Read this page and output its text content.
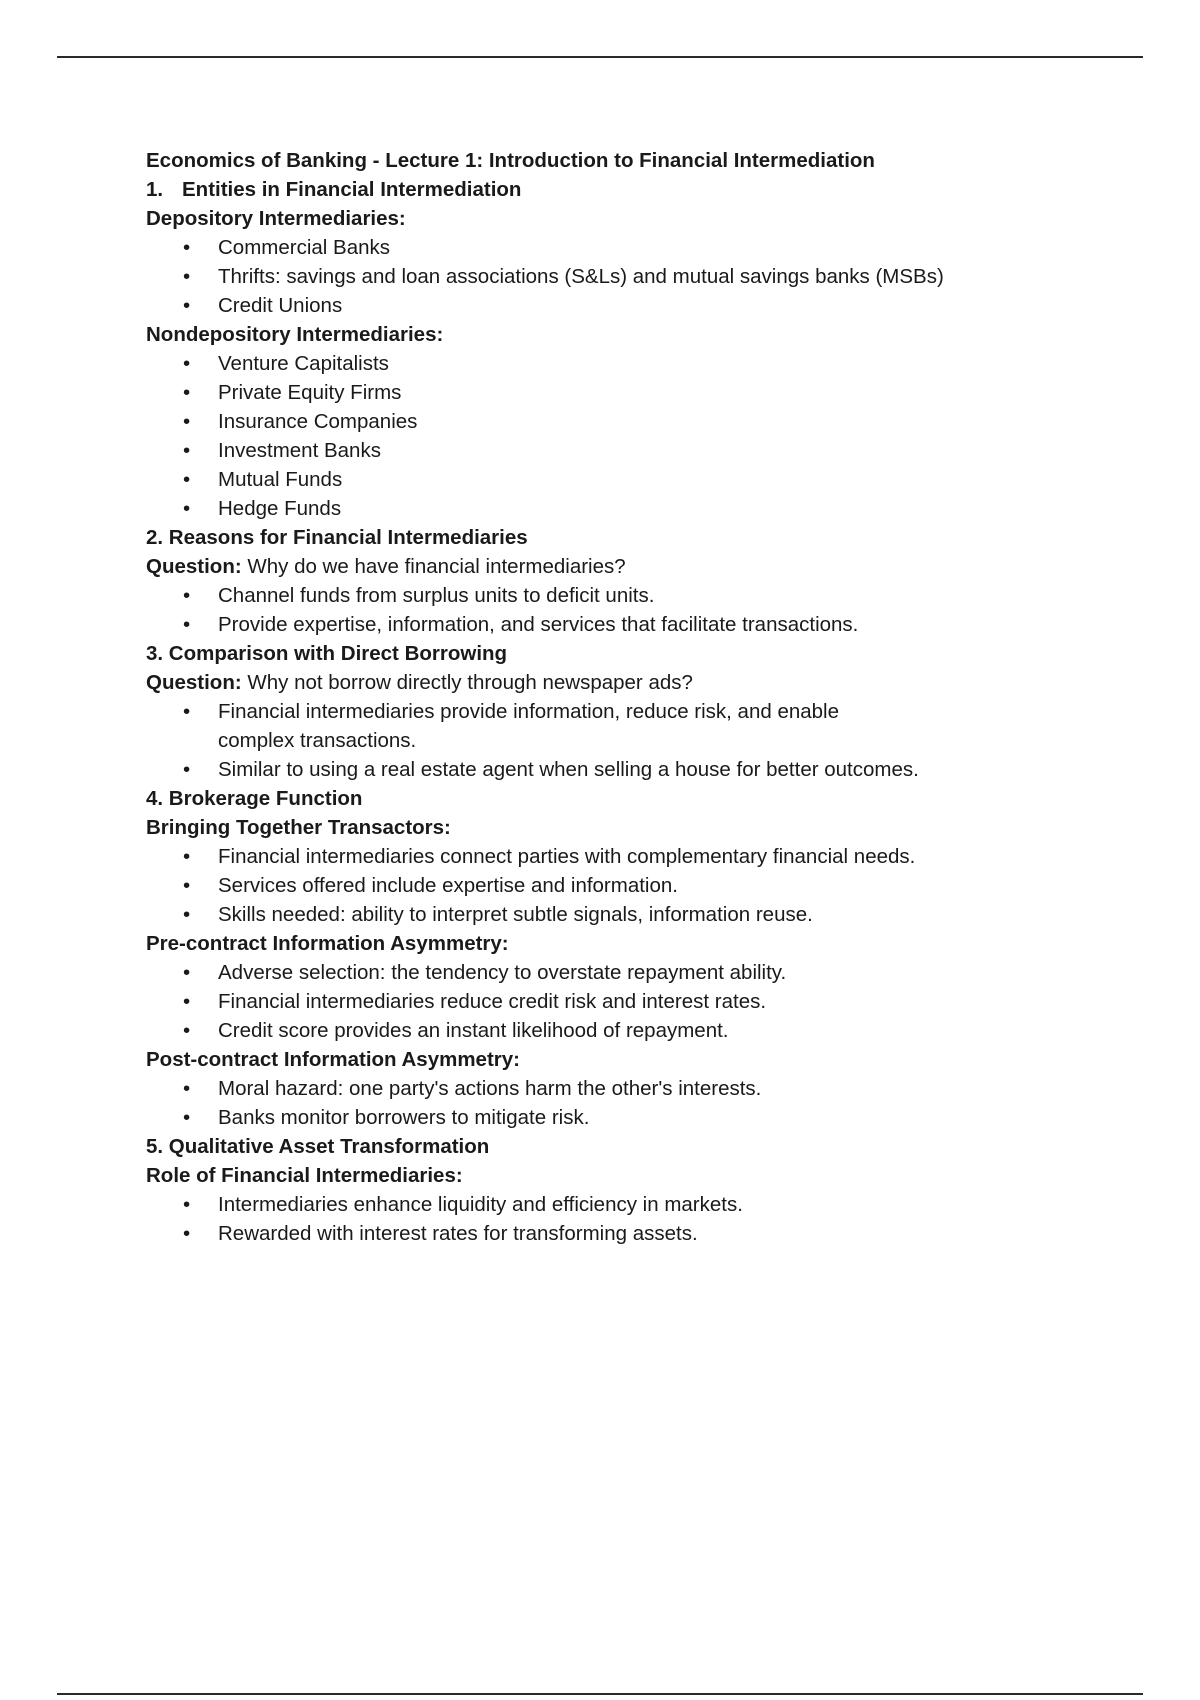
Economics of Banking - Lecture 1: Introduction to Financial Intermediation

1. Entities in Financial Intermediation

Depository Intermediaries:

• Commercial Banks
• Thrifts: savings and loan associations (S&Ls) and mutual savings banks (MSBs)
• Credit Unions

Nondepository Intermediaries:

• Venture Capitalists
• Private Equity Firms
• Insurance Companies
• Investment Banks
• Mutual Funds
• Hedge Funds

2. Reasons for Financial Intermediaries

Question: Why do we have financial intermediaries?

• Channel funds from surplus units to deficit units.
• Provide expertise, information, and services that facilitate transactions.

3. Comparison with Direct Borrowing

Question: Why not borrow directly through newspaper ads?

• Financial intermediaries provide information, reduce risk, and enable complex transactions.
• Similar to using a real estate agent when selling a house for better outcomes.

4. Brokerage Function

Bringing Together Transactors:

• Financial intermediaries connect parties with complementary financial needs.
• Services offered include expertise and information.
• Skills needed: ability to interpret subtle signals, information reuse.

Pre-contract Information Asymmetry:

• Adverse selection: the tendency to overstate repayment ability.
• Financial intermediaries reduce credit risk and interest rates.
• Credit score provides an instant likelihood of repayment.

Post-contract Information Asymmetry:

• Moral hazard: one party's actions harm the other's interests.
• Banks monitor borrowers to mitigate risk.

5. Qualitative Asset Transformation

Role of Financial Intermediaries:

• Intermediaries enhance liquidity and efficiency in markets.
• Rewarded with interest rates for transforming assets.
